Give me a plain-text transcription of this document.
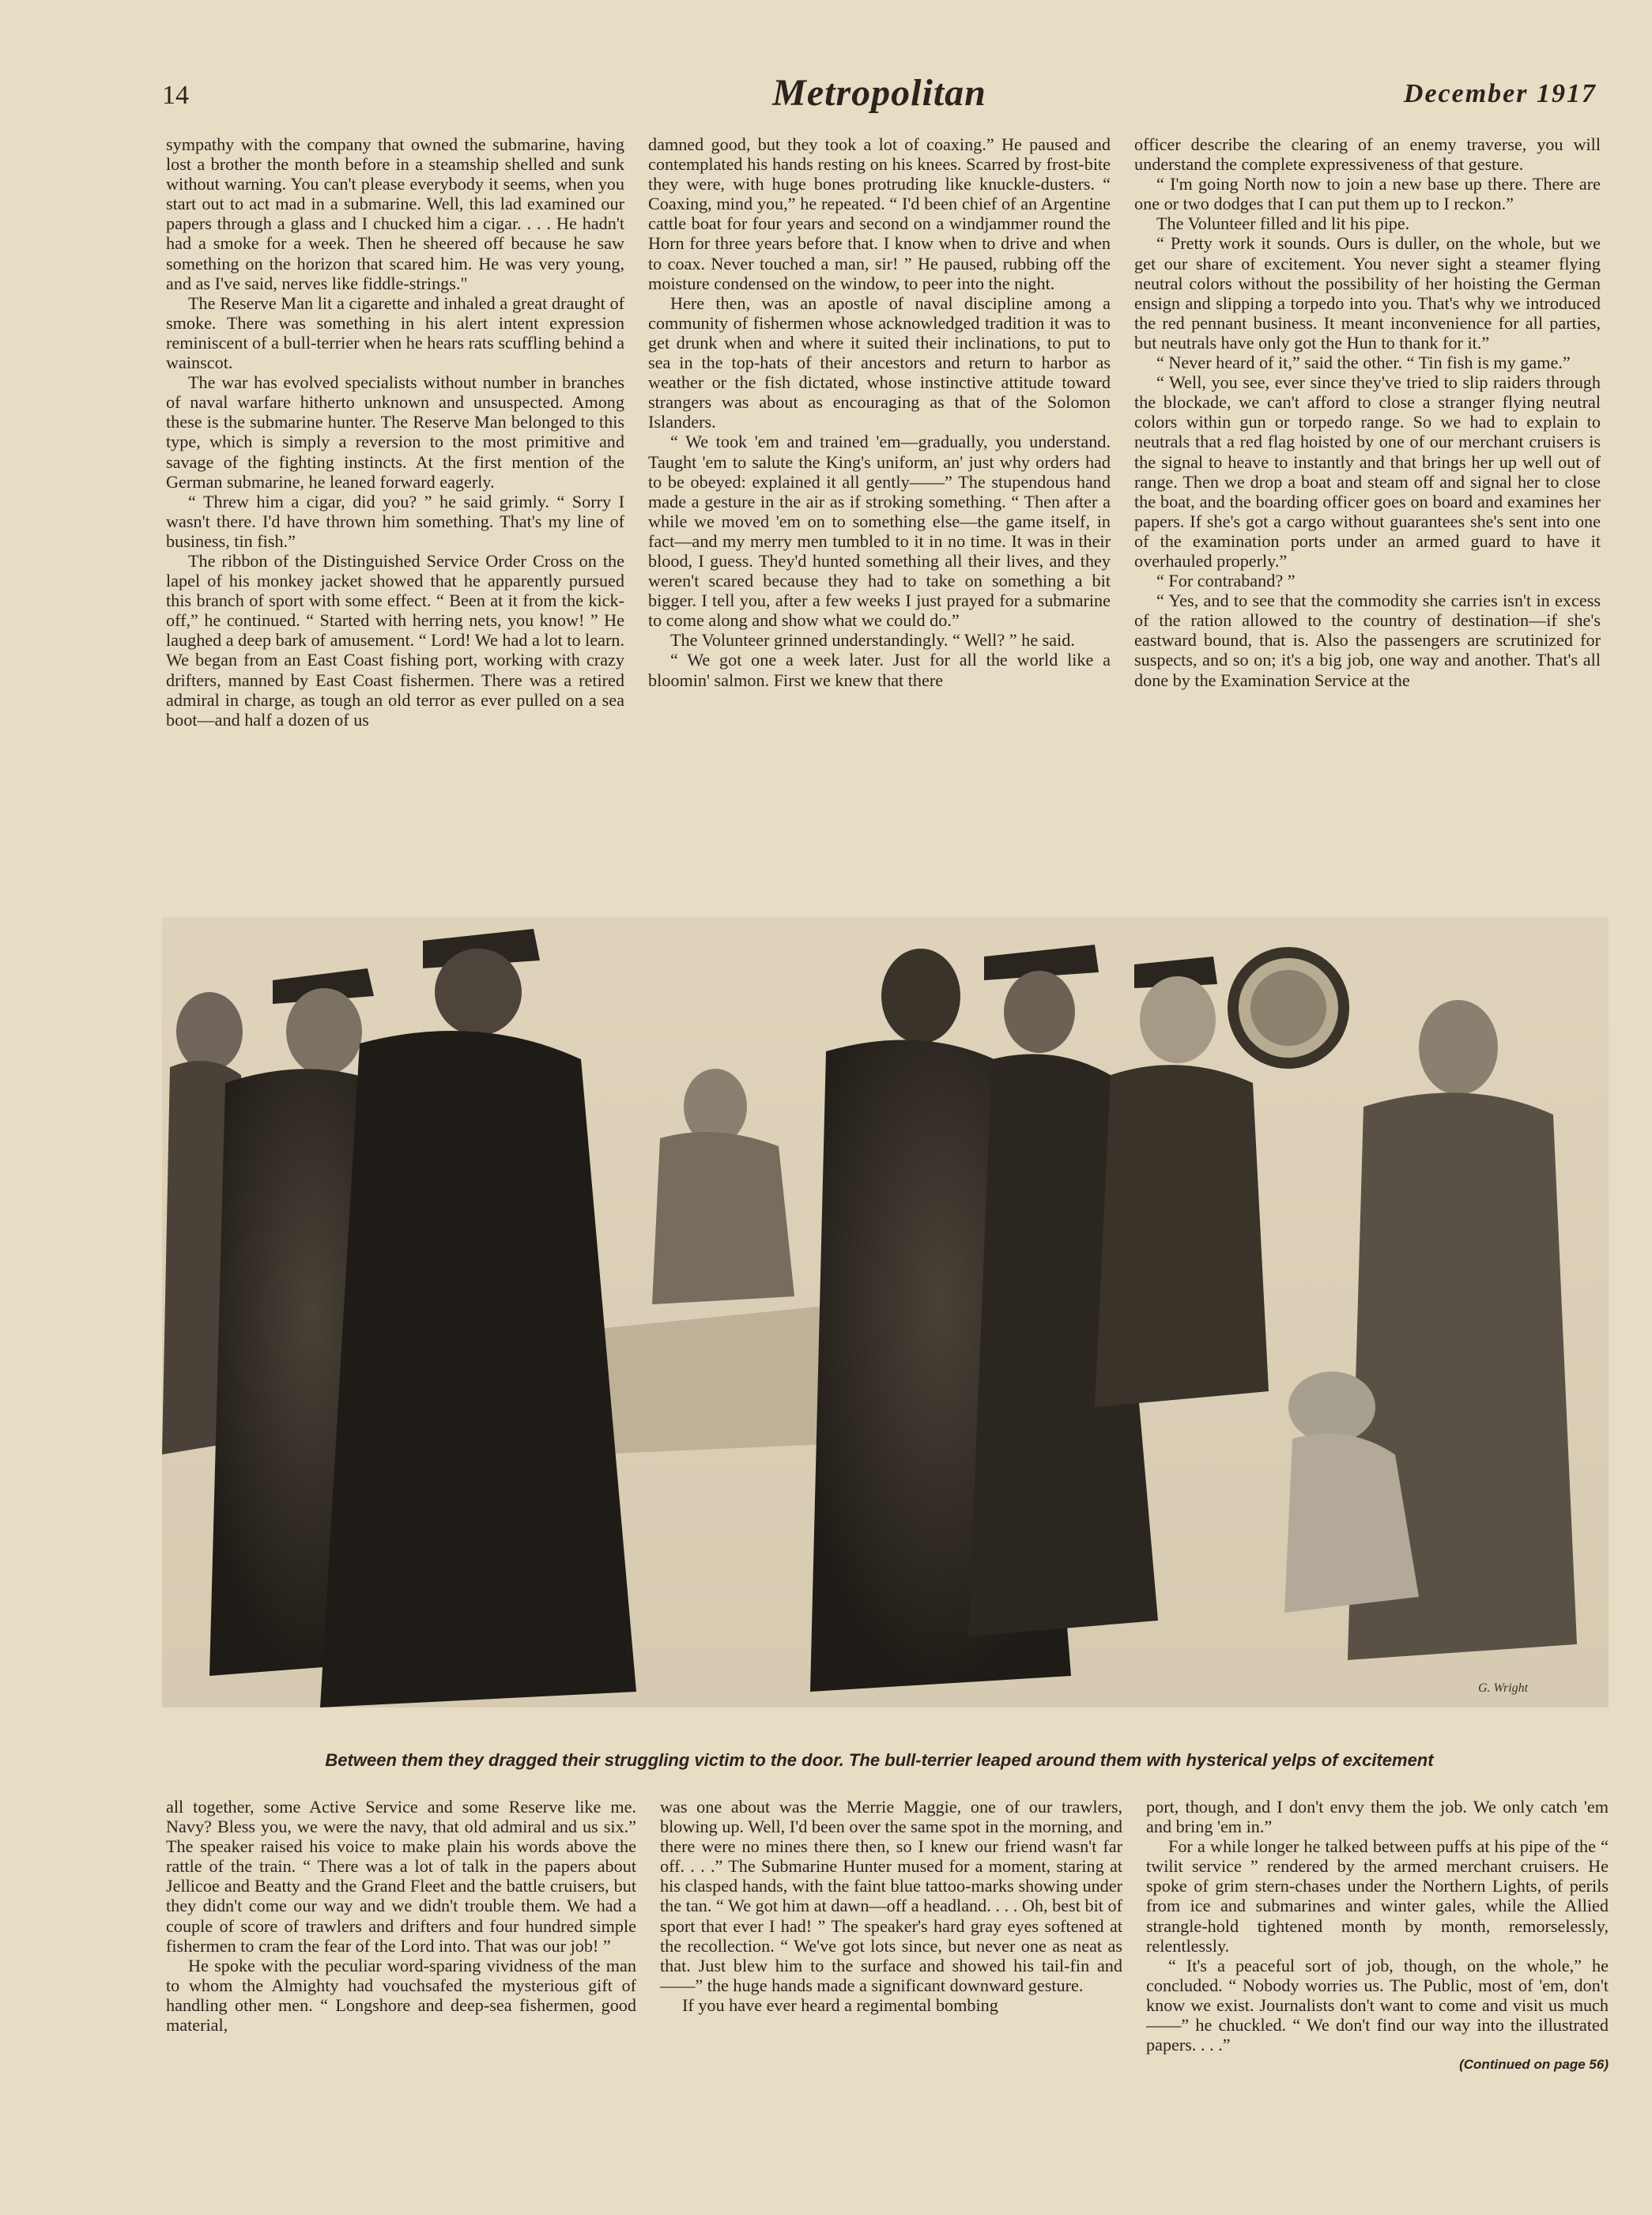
14	Metropolitan	December 1917

sympathy with the company that owned the submarine, having lost a brother the month before in a steamship shelled and sunk without warning. You can't please everybody it seems, when you start out to act mad in a submarine. Well, this lad examined our papers through a glass and I chucked him a cigar. . . . He hadn't had a smoke for a week. Then he sheered off because he saw something on the horizon that scared him. He was very young, and as I've said, nerves like fiddle-strings."

The Reserve Man lit a cigarette and inhaled a great draught of smoke. There was something in his alert intent expression reminiscent of a bull-terrier when he hears rats scuffling behind a wainscot.

The war has evolved specialists without number in branches of naval warfare hitherto unknown and unsuspected. Among these is the submarine hunter. The Reserve Man belonged to this type, which is simply a reversion to the most primitive and savage of the fighting instincts. At the first mention of the German submarine, he leaned forward eagerly.

“ Threw him a cigar, did you? ” he said grimly. “ Sorry I wasn't there. I'd have thrown him something. That's my line of business, tin fish.”

The ribbon of the Distinguished Service Order Cross on the lapel of his monkey jacket showed that he apparently pursued this branch of sport with some effect. “ Been at it from the kick-off,” he continued. “ Started with herring nets, you know! ” He laughed a deep bark of amusement. “ Lord! We had a lot to learn. We began from an East Coast fishing port, working with crazy drifters, manned by East Coast fishermen. There was a retired admiral in charge, as tough an old terror as ever pulled on a sea boot—and half a dozen of us

damned good, but they took a lot of coaxing.” He paused and contemplated his hands resting on his knees. Scarred by frost-bite they were, with huge bones protruding like knuckle-dusters. “ Coaxing, mind you,” he repeated. “ I'd been chief of an Argentine cattle boat for four years and second on a windjammer round the Horn for three years before that. I know when to drive and when to coax. Never touched a man, sir! ” He paused, rubbing off the moisture condensed on the window, to peer into the night.

Here then, was an apostle of naval discipline among a community of fishermen whose acknowledged tradition it was to get drunk when and where it suited their inclinations, to put to sea in the top-hats of their ancestors and return to harbor as weather or the fish dictated, whose instinctive attitude toward strangers was about as encouraging as that of the Solomon Islanders.

“ We took 'em and trained 'em—gradually, you understand. Taught 'em to salute the King's uniform, an' just why orders had to be obeyed: explained it all gently——” The stupendous hand made a gesture in the air as if stroking something. “ Then after a while we moved 'em on to something else—the game itself, in fact—and my merry men tumbled to it in no time. It was in their blood, I guess. They'd hunted something all their lives, and they weren't scared because they had to take on something a bit bigger. I tell you, after a few weeks I just prayed for a submarine to come along and show what we could do.”

The Volunteer grinned understandingly. “ Well? ” he said.

“ We got one a week later. Just for all the world like a bloomin' salmon. First we knew that there

officer describe the clearing of an enemy traverse, you will understand the complete expressiveness of that gesture.

“ I'm going North now to join a new base up there. There are one or two dodges that I can put them up to I reckon.”

The Volunteer filled and lit his pipe.

“ Pretty work it sounds. Ours is duller, on the whole, but we get our share of excitement. You never sight a steamer flying neutral colors without the possibility of her hoisting the German ensign and slipping a torpedo into you. That's why we introduced the red pennant business. It meant inconvenience for all parties, but neutrals have only got the Hun to thank for it.”

“ Never heard of it,” said the other. “ Tin fish is my game.”

“ Well, you see, ever since they've tried to slip raiders through the blockade, we can't afford to close a stranger flying neutral colors within gun or torpedo range. So we had to explain to neutrals that a red flag hoisted by one of our merchant cruisers is the signal to heave to instantly and that brings her up well out of range. Then we drop a boat and steam off and signal her to close the boat, and the boarding officer goes on board and examines her papers. If she's got a cargo without guarantees she's sent into one of the examination ports under an armed guard to have it overhauled properly.”

“ For contraband? ”

“ Yes, and to see that the commodity she carries isn't in excess of the ration allowed to the country of destination—if she's eastward bound, that is. Also the passengers are scrutinized for suspects, and so on; it's a big job, one way and another. That's all done by the Examination Service at the

G. Wright
Between them they dragged their struggling victim to the door. The bull-terrier leaped around them with hysterical yelps of excitement

all together, some Active Service and some Reserve like me. Navy? Bless you, we were the navy, that old admiral and us six.” The speaker raised his voice to make plain his words above the rattle of the train. “ There was a lot of talk in the papers about Jellicoe and Beatty and the Grand Fleet and the battle cruisers, but they didn't come our way and we didn't trouble them. We had a couple of score of trawlers and drifters and four hundred simple fishermen to cram the fear of the Lord into. That was our job! ”

He spoke with the peculiar word-sparing vividness of the man to whom the Almighty had vouchsafed the mysterious gift of handling other men. “ Longshore and deep-sea fishermen, good material,

was one about was the Merrie Maggie, one of our trawlers, blowing up. Well, I'd been over the same spot in the morning, and there were no mines there then, so I knew our friend wasn't far off. . . .” The Submarine Hunter mused for a moment, staring at his clasped hands, with the faint blue tattoo-marks showing under the tan. “ We got him at dawn—off a headland. . . . Oh, best bit of sport that ever I had! ” The speaker's hard gray eyes softened at the recollection. “ We've got lots since, but never one as neat as that. Just blew him to the surface and showed his tail-fin and——” the huge hands made a significant downward gesture.

If you have ever heard a regimental bombing

port, though, and I don't envy them the job. We only catch 'em and bring 'em in.”

For a while longer he talked between puffs at his pipe of the “ twilit service ” rendered by the armed merchant cruisers. He spoke of grim stern-chases under the Northern Lights, of perils from ice and submarines and winter gales, while the Allied strangle-hold tightened month by month, remorselessly, relentlessly.

“ It's a peaceful sort of job, though, on the whole,” he concluded. “ Nobody worries us. The Public, most of 'em, don't know we exist. Journalists don't want to come and visit us much——” he chuckled. “ We don't find our way into the illustrated papers. . . .”

(Continued on page 56)
